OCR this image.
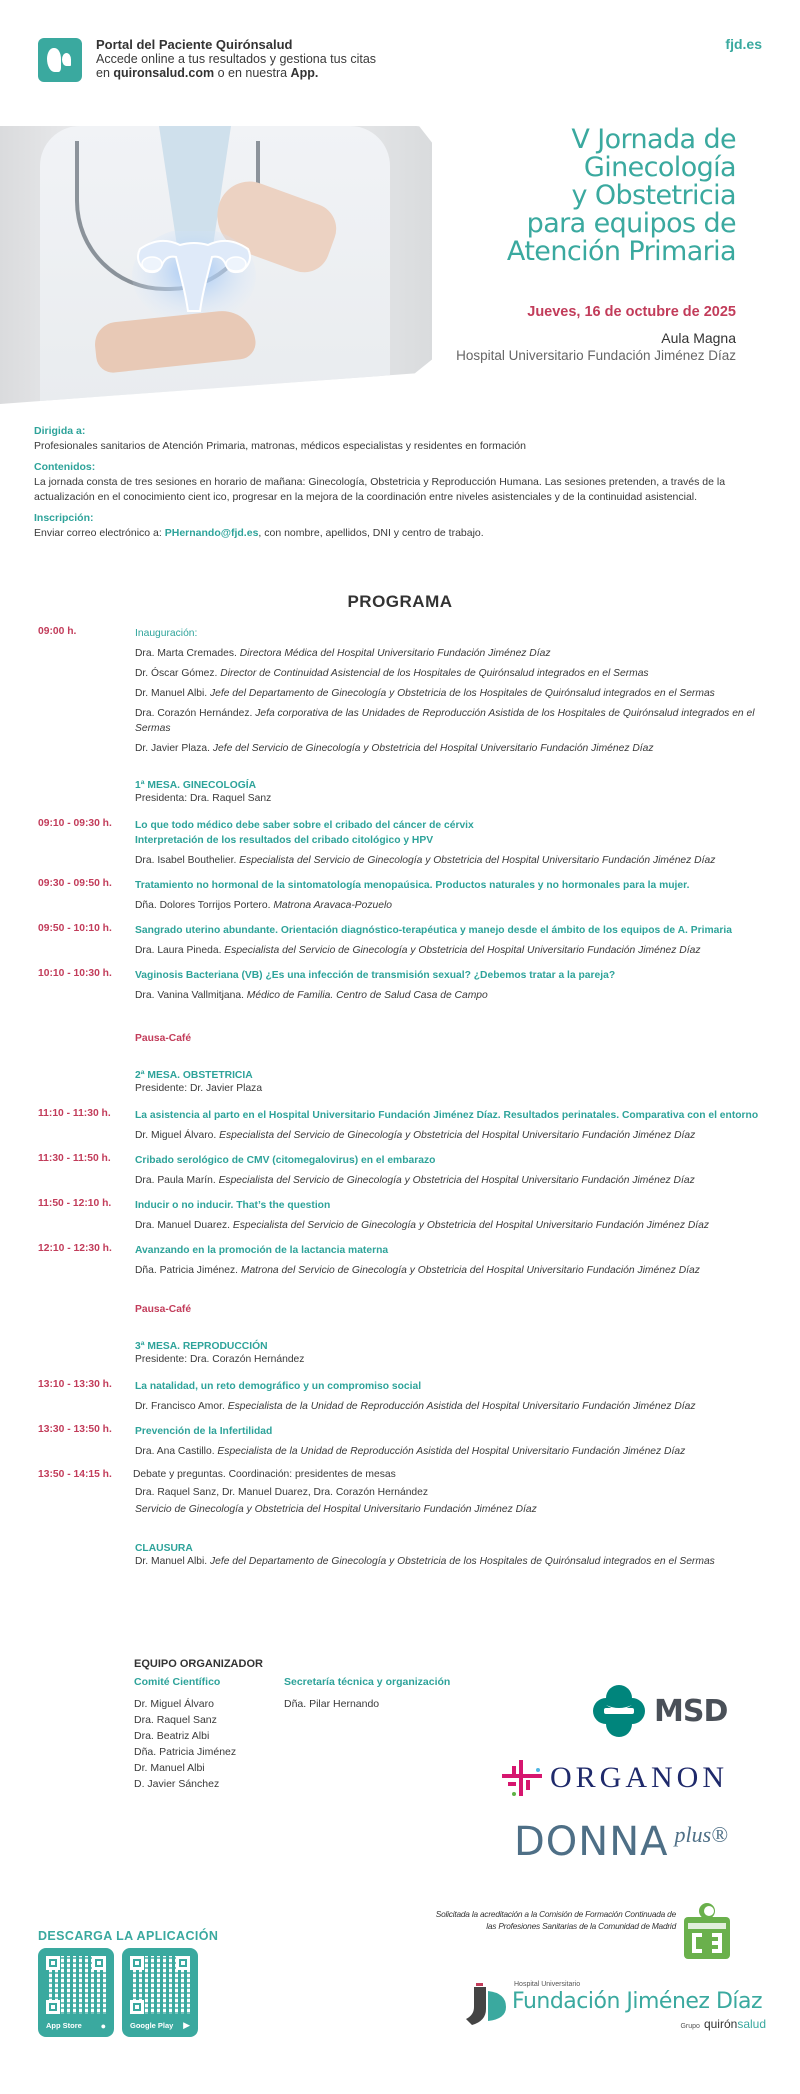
Portal del Paciente Quirónsalud
Accede online a tus resultados y gestiona tus citas
en quironsalud.com o en nuestra App.
fjd.es
V Jornada de
Ginecología
y Obstetricia
para equipos de
Atención Primaria
Jueves, 16 de octubre de 2025
Aula Magna
Hospital Universitario Fundación Jiménez Díaz
Dirigida a:
Profesionales sanitarios de Atención Primaria, matronas, médicos especialistas y residentes en formación
Contenidos:
La jornada consta de tres sesiones en horario de mañana: Ginecología, Obstetricia y Reproducción Humana. Las sesiones pretenden, a través de la actualización en el conocimiento cient ico, progresar en la mejora de la coordinación entre niveles asistenciales y de la continuidad asistencial.
Inscripción:
Enviar correo electrónico a: PHernando@fjd.es, con nombre, apellidos, DNI y centro de trabajo.
PROGRAMA
09:00 h.	Inauguración:
Dra. Marta Cremades. Directora Médica del Hospital Universitario Fundación Jiménez Díaz
Dr. Óscar Gómez. Director de Continuidad Asistencial de los Hospitales de Quirónsalud integrados en el Sermas
Dr. Manuel Albi. Jefe del Departamento de Ginecología y Obstetricia de los Hospitales de Quirónsalud integrados en el Sermas
Dra. Corazón Hernández. Jefa corporativa de las Unidades de Reproducción Asistida de los Hospitales de Quirónsalud integrados en el Sermas
Dr. Javier Plaza. Jefe del Servicio de Ginecología y Obstetricia del Hospital Universitario Fundación Jiménez Díaz
1ª MESA. GINECOLOGÍA
Presidenta: Dra. Raquel Sanz
09:10 - 09:30 h.	Lo que todo médico debe saber sobre el cribado del cáncer de cérvix
Interpretación de los resultados del cribado citológico y HPV
Dra. Isabel Bouthelier. Especialista del Servicio de Ginecología y Obstetricia del Hospital Universitario Fundación Jiménez Díaz
09:30 - 09:50 h.	Tratamiento no hormonal de la sintomatología menopaúsica. Productos naturales y no hormonales para la mujer.
Dña. Dolores Torrijos Portero. Matrona Aravaca-Pozuelo
09:50 - 10:10 h.	Sangrado uterino abundante. Orientación diagnóstico-terapéutica y manejo desde el ámbito de los equipos de A. Primaria
Dra. Laura Pineda. Especialista del Servicio de Ginecología y Obstetricia del Hospital Universitario Fundación Jiménez Díaz
10:10 - 10:30 h.	Vaginosis Bacteriana (VB) ¿Es una infección de transmisión sexual? ¿Debemos tratar a la pareja?
Dra. Vanina Vallmitjana. Médico de Familia. Centro de Salud Casa de Campo
Pausa-Café
2ª MESA. OBSTETRICIA
Presidente: Dr. Javier Plaza
11:10 - 11:30 h.	La asistencia al parto en el Hospital Universitario Fundación Jiménez Díaz. Resultados perinatales. Comparativa con el entorno
Dr. Miguel Álvaro. Especialista del Servicio de Ginecología y Obstetricia del Hospital Universitario Fundación Jiménez Díaz
11:30 - 11:50 h.	Cribado serológico de CMV (citomegalovirus) en el embarazo
Dra. Paula Marín. Especialista del Servicio de Ginecología y Obstetricia del Hospital Universitario Fundación Jiménez Díaz
11:50 - 12:10 h.	Inducir o no inducir. That’s the question
Dra. Manuel Duarez. Especialista del Servicio de Ginecología y Obstetricia del Hospital Universitario Fundación Jiménez Díaz
12:10 - 12:30 h.	Avanzando en la promoción de la lactancia materna
Dña. Patricia Jiménez. Matrona del Servicio de Ginecología y Obstetricia del Hospital Universitario Fundación Jiménez Díaz
Pausa-Café
3ª MESA. REPRODUCCIÓN
Presidente: Dra. Corazón Hernández
13:10 - 13:30 h.	La natalidad, un reto demográfico y un compromiso social
Dr. Francisco Amor. Especialista de la Unidad de Reproducción Asistida del Hospital Universitario Fundación Jiménez Díaz
13:30 - 13:50 h.	Prevención de la Infertilidad
Dra. Ana Castillo. Especialista de la Unidad de Reproducción Asistida del Hospital Universitario Fundación Jiménez Díaz
13:50 - 14:15 h.	Debate y preguntas. Coordinación: presidentes de mesas
Dra. Raquel Sanz, Dr. Manuel Duarez, Dra. Corazón Hernández
Servicio de Ginecología y Obstetricia del Hospital Universitario Fundación Jiménez Díaz
CLAUSURA
Dr. Manuel Albi. Jefe del Departamento de Ginecología y Obstetricia de los Hospitales de Quirónsalud integrados en el Sermas
EQUIPO ORGANIZADOR
Comité Científico
Dr. Miguel Álvaro
Dra. Raquel Sanz
Dra. Beatriz Albi
Dña. Patricia Jiménez
Dr. Manuel Albi
D. Javier Sánchez
Secretaría técnica y organización
Dña. Pilar Hernando	MSD
ORGANON
DONNA plus®
DESCARGA LA APLICACIÓN
App Store ●	Google Play ▶
Solicitada la acreditación a la Comisión de Formación Continuada de
las Profesiones Sanitarias de la Comunidad de Madrid
Hospital Universitario
Fundación Jiménez Díaz
Grupo quirónsalud
